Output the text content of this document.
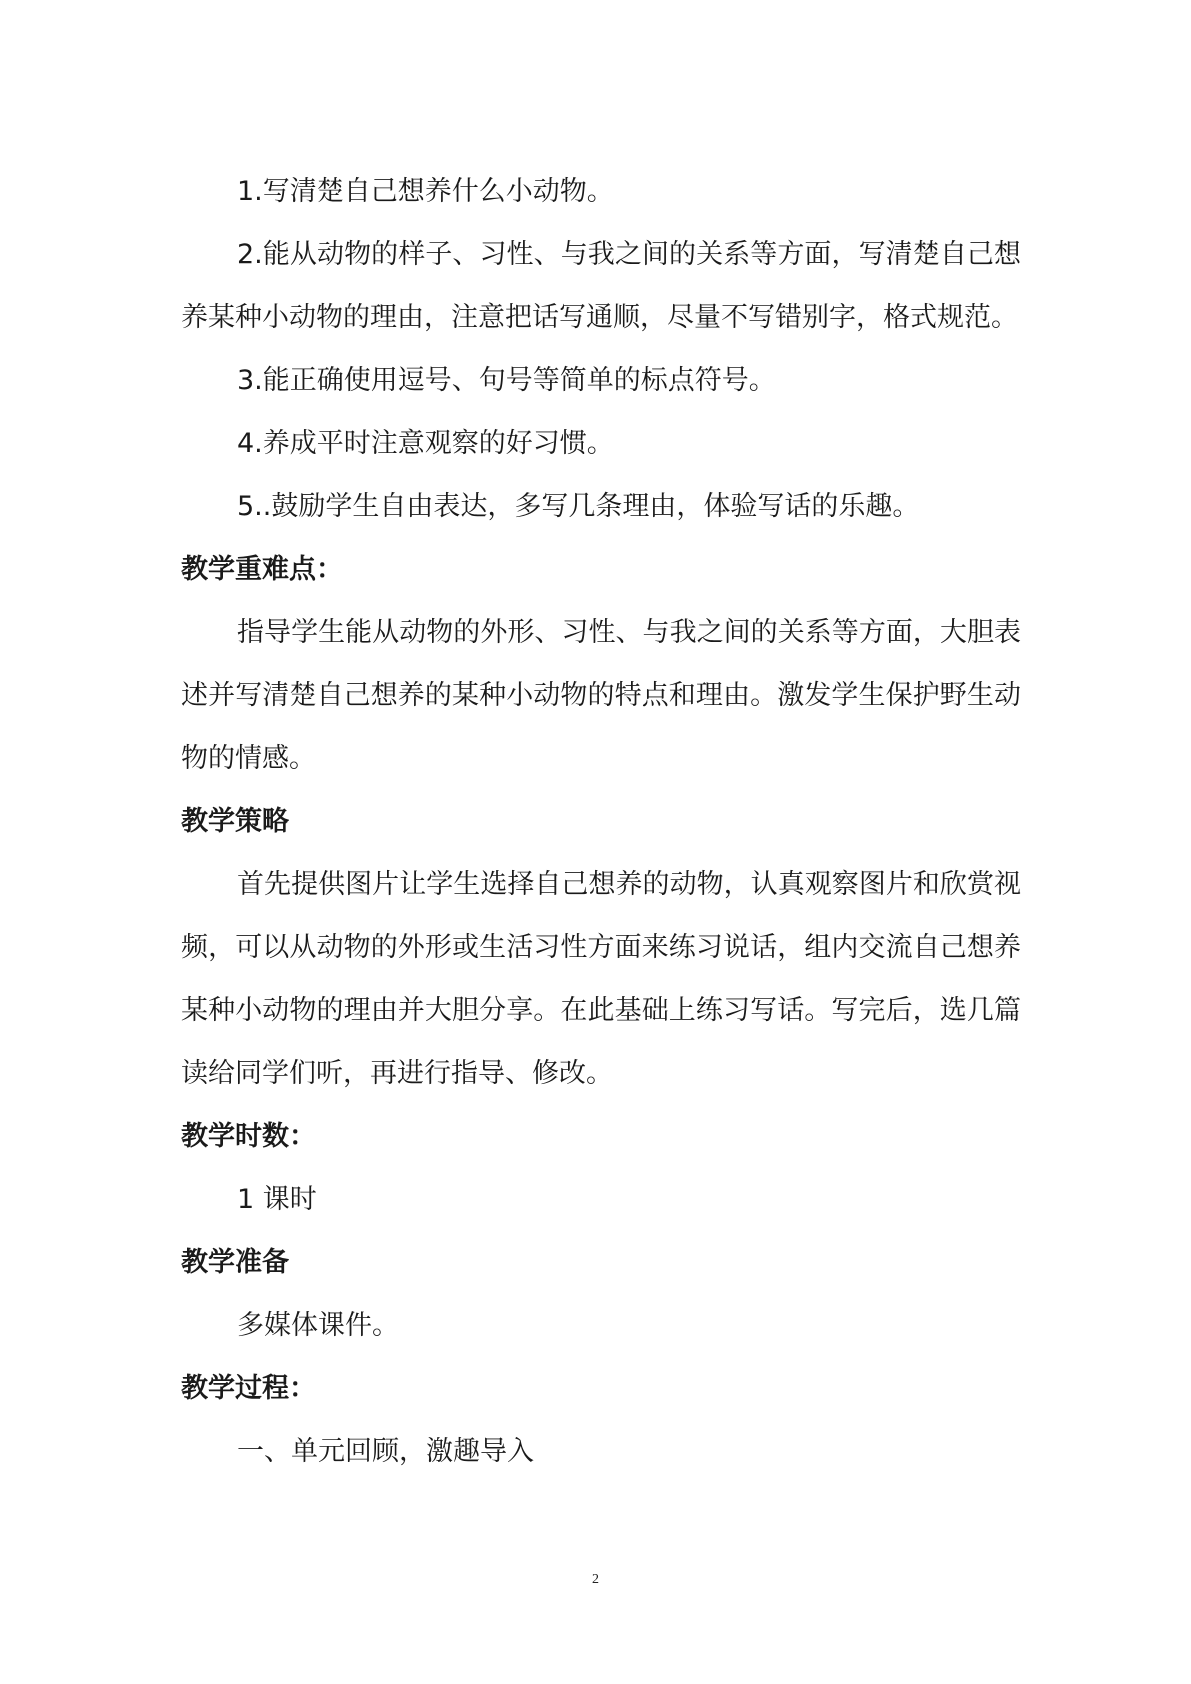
1.写清楚自己想养什么小动物。

2.能从动物的样子、习性、与我之间的关系等方面，写清楚自己想养某种小动物的理由，注意把话写通顺，尽量不写错别字，格式规范。

3.能正确使用逗号、句号等简单的标点符号。

4.养成平时注意观察的好习惯。

5..鼓励学生自由表达，多写几条理由，体验写话的乐趣。

教学重难点：

指导学生能从动物的外形、习性、与我之间的关系等方面，大胆表述并写清楚自己想养的某种小动物的特点和理由。激发学生保护野生动物的情感。

教学策略

首先提供图片让学生选择自己想养的动物，认真观察图片和欣赏视频，可以从动物的外形或生活习性方面来练习说话，组内交流自己想养某种小动物的理由并大胆分享。在此基础上练习写话。写完后，选几篇读给同学们听，再进行指导、修改。

教学时数：

1 课时

教学准备

多媒体课件。

教学过程：

一、单元回顾，激趣导入

2
